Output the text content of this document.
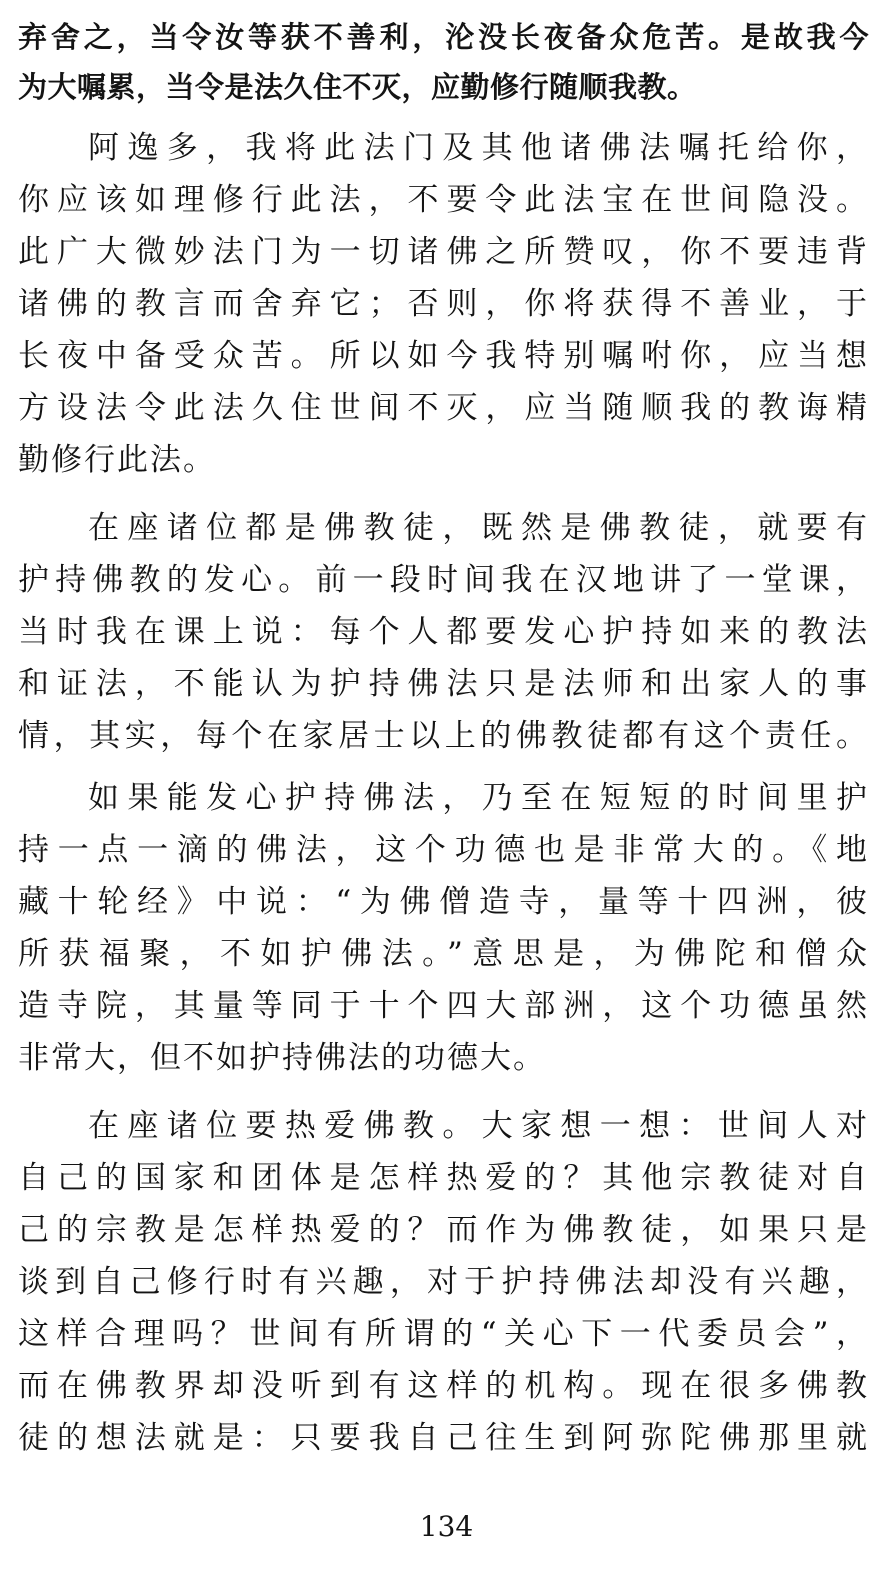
弃舍之，当令汝等获不善利，沦没长夜备众危苦。是故我今
为大嘱累，当令是法久住不灭，应勤修行随顺我教。
阿逸多，我将此法门及其他诸佛法嘱托给你，
你应该如理修行此法，不要令此法宝在世间隐没。
此广大微妙法门为一切诸佛之所赞叹，你不要违背
诸佛的教言而舍弃它；否则，你将获得不善业，于
长夜中备受众苦。所以如今我特别嘱咐你，应当想
方设法令此法久住世间不灭，应当随顺我的教诲精
勤修行此法。
在座诸位都是佛教徒，既然是佛教徒，就要有
护持佛教的发心。前一段时间我在汉地讲了一堂课，
当时我在课上说：每个人都要发心护持如来的教法
和证法，不能认为护持佛法只是法师和出家人的事
情，其实，每个在家居士以上的佛教徒都有这个责任。
如果能发心护持佛法，乃至在短短的时间里护
持一点一滴的佛法，这个功德也是非常大的。《地
藏十轮经》中说：“为佛僧造寺，量等十四洲，彼
所获福聚，不如护佛法。”意思是，为佛陀和僧众
造寺院，其量等同于十个四大部洲，这个功德虽然
非常大，但不如护持佛法的功德大。
在座诸位要热爱佛教。大家想一想：世间人对
自己的国家和团体是怎样热爱的？其他宗教徒对自
己的宗教是怎样热爱的？而作为佛教徒，如果只是
谈到自己修行时有兴趣，对于护持佛法却没有兴趣，
这样合理吗？世间有所谓的“关心下一代委员会”，
而在佛教界却没听到有这样的机构。现在很多佛教
徒的想法就是：只要我自己往生到阿弥陀佛那里就
134
